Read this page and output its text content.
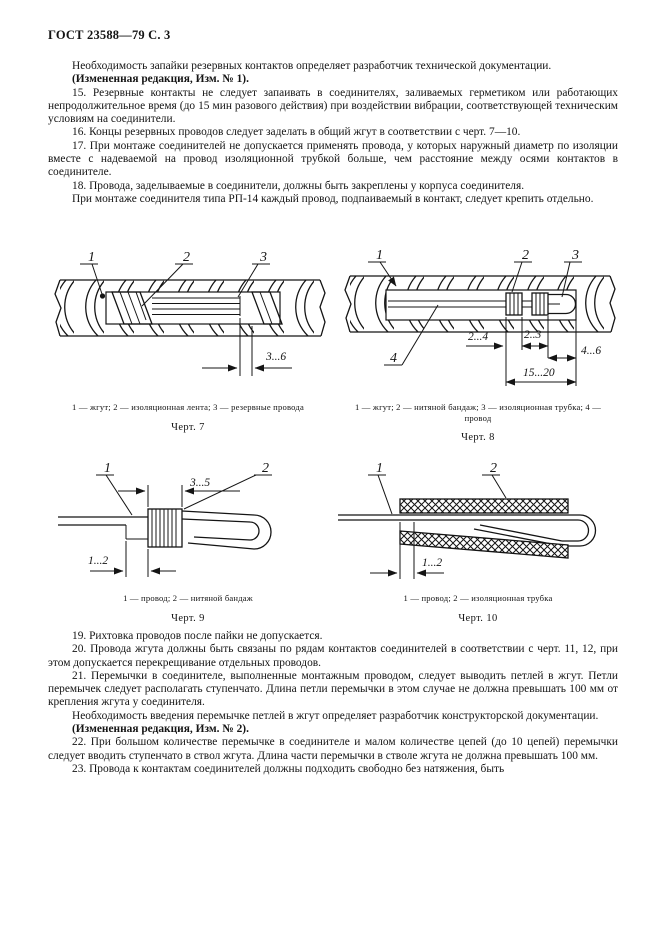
ГОСТ 23588—79 С. 3

Необходимость запайки резервных контактов определяет разработчик технической документации.

(Измененная редакция, Изм. № 1).

15. Резервные контакты не следует запаивать в соединителях, заливаемых герметиком или работающих непродолжительное время (до 15 мин разового действия) при воздействии вибрации, соответствующей техническим условиям на соединители.

16. Концы резервных проводов следует заделать в общий жгут в соответствии с черт. 7—10.

17. При монтаже соединителей не допускается применять провода, у которых наружный диаметр по изоляции вместе с надеваемой на провод изоляционной трубкой больше, чем расстояние между осями контактов в соединителе.

18. Провода, заделываемые в соединители, должны быть закреплены у корпуса соединителя.

При монтаже соединителя типа РП-14 каждый провод, подпаиваемый в контакт, следует крепить отдельно.

1	2	3
3...6
1 — жгут; 2 — изоляционная лента; 3 — резервные провода
Черт. 7
1	2	3
4
2...4	2..3
4...6
15...20
1 — жгут; 2 — нитяной бандаж; 3 — изоляционная трубка; 4 — провод
Черт. 8
1	2
3...5
1...2
1 — провод; 2 — нитяной бандаж
Черт. 9
1	2
1...2
1 — провод; 2 — изоляционная трубка
Черт. 10

19. Рихтовка проводов после пайки не допускается.

20. Провода жгута должны быть связаны по рядам контактов соединителей в соответствии с черт. 11, 12, при этом допускается перекрещивание отдельных проводов.

21. Перемычки в соединителе, выполненные монтажным проводом, следует выводить петлей в жгут. Петли перемычек следует располагать ступенчато. Длина петли перемычки в этом случае не должна превышать 100 мм от крепления жгута у соединителя.

Необходимость введения перемычке петлей в жгут определяет разработчик конструкторской документации.

(Измененная редакция, Изм. № 2).

22. При большом количестве перемычке в соединителе и малом количестве цепей (до 10 цепей) перемычки следует вводить ступенчато в ствол жгута. Длина части перемычки в стволе жгута не должна превышать 100 мм.

23. Провода к контактам соединителей должны подходить свободно без натяжения, быть
